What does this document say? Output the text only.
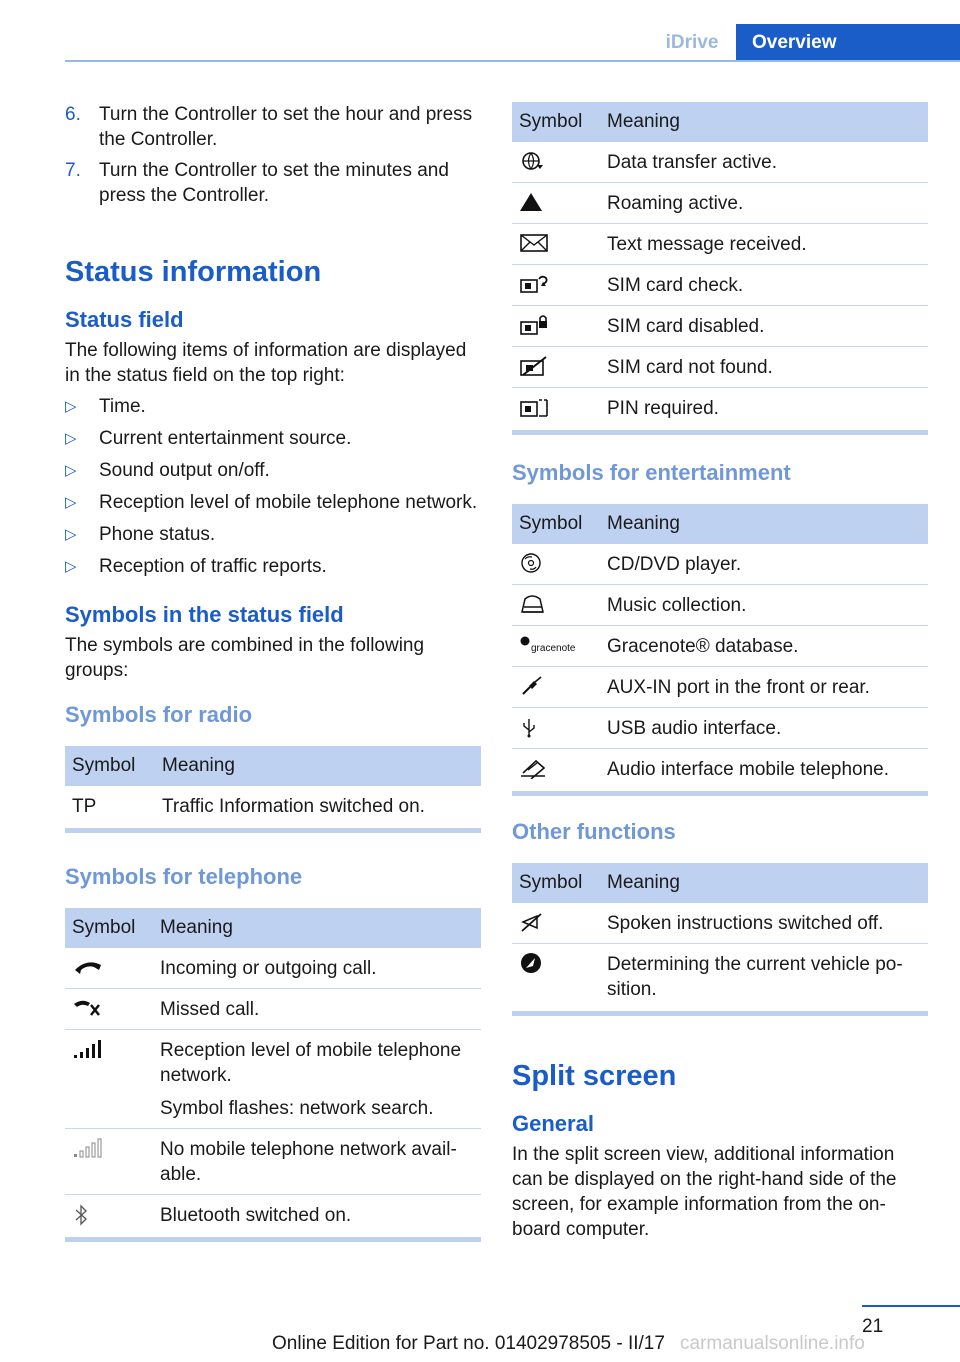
iDrive	Overview
6. Turn the Controller to set the hour and press the Controller.
7. Turn the Controller to set the minutes and press the Controller.
Status information
Status field

The following items of information are displayed in the status field on the top right:

▷ Time.
▷ Current entertainment source.
▷ Sound output on/off.
▷ Reception level of mobile telephone network.
▷ Phone status.
▷ Reception of traffic reports.
Symbols in the status field

The symbols are combined in the following groups:

Symbols for radio
Symbol	Meaning
TP	Traffic Information switched on.
Symbols for telephone
Symbol	Meaning

	Incoming or outgoing call.

	Missed call.

Reception level of mobile telephone network.
Symbol flashes: network search.

	No mobile telephone network available.

	Bluetooth switched on.
Symbol	Meaning

	Data transfer active.

	Roaming active.

	Text message received.

	SIM card check.

	SIM card disabled.

	SIM card not found.

	PIN required.
Symbols for entertainment
Symbol	Meaning

	CD/DVD player.

	Music collection.

gracenote	Gracenote® database.

	AUX-IN port in the front or rear.

	USB audio interface.

	Audio interface mobile telephone.
Other functions
Symbol	Meaning

	Spoken instructions switched off.

	Determining the current vehicle position.
Split screen
General

In the split screen view, additional information can be displayed on the right-hand side of the screen, for example information from the onboard computer.

21
Online Edition for Part no. 01402978505 - II/17 carmanualsonline.info
